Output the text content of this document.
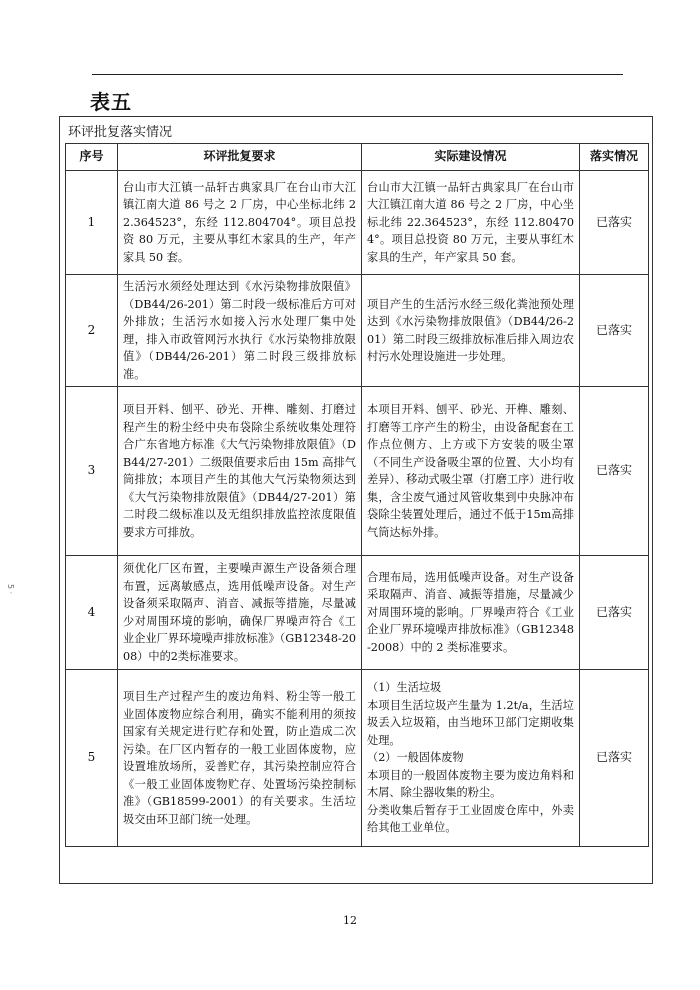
表五
环评批复落实情况
序号	环评批复要求	实际建设情况	落实情况
1	台山市大江镇一品轩古典家具厂在台山市大江镇江南大道 86 号之 2 厂房，中心坐标北纬 22.364523°，东经 112.804704°。项目总投资 80 万元，主要从事红木家具的生产，年产家具 50 套。	台山市大江镇一品轩古典家具厂在台山市大江镇江南大道 86 号之 2 厂房，中心坐标北纬 22.364523°，东经 112.804704°。项目总投资 80 万元，主要从事红木家具的生产，年产家具 50 套。	已落实
2	生活污水须经处理达到《水污染物排放限值》（DB44/26-201）第二时段一级标准后方可对外排放；生活污水如接入污水处理厂集中处理，排入市政管网污水执行《水污染物排放限值》（DB44/26-201）第二时段三级排放标准。	项目产生的生活污水经三级化粪池预处理达到《水污染物排放限值》（DB44/26-201）第二时段三级排放标准后排入周边农村污水处理设施进一步处理。	已落实
3	项目开料、刨平、砂光、开榫、雕刻、打磨过程产生的粉尘经中央布袋除尘系统收集处理符合广东省地方标准《大气污染物排放限值》（DB44/27-201）二级限值要求后由 15m 高排气筒排放；本项目产生的其他大气污染物须达到《大气污染物排放限值》（DB44/27-201）第二时段二级标准以及无组织排放监控浓度限值要求方可排放。	本项目开料、刨平、砂光、开榫、雕刻、打磨等工序产生的粉尘，由设备配套在工作点位侧方、上方或下方安装的吸尘罩（不同生产设备吸尘罩的位置、大小均有差异）、移动式吸尘罩（打磨工序）进行收集，含尘废气通过风管收集到中央脉冲布袋除尘装置处理后，通过不低于15m高排气筒达标外排。	已落实
4	须优化厂区布置，主要噪声源生产设备须合理布置，远离敏感点，选用低噪声设备。对生产设备须采取隔声、消音、减振等措施，尽量减少对周围环境的影响，确保厂界噪声符合《工业企业厂界环境噪声排放标准》（GB12348-2008）中的2类标准要求。	合理布局，选用低噪声设备。对生产设备采取隔声、消音、减振等措施，尽量减少对周围环境的影响。厂界噪声符合《工业企业厂界环境噪声排放标准》（GB12348-2008）中的 2 类标准要求。	已落实
5	项目生产过程产生的废边角料、粉尘等一般工业固体废物应综合利用，确实不能利用的须按国家有关规定进行贮存和处置，防止造成二次污染。在厂区内暂存的一般工业固体废物，应设置堆放场所，妥善贮存，其污染控制应符合《一般工业固体废物贮存、处置场污染控制标准》（GB18599-2001）的有关要求。生活垃圾交由环卫部门统一处理。	（1）生活垃圾
本项目生活垃圾产生量为 1.2t/a，生活垃圾丢入垃圾箱，由当地环卫部门定期收集处理。
（2）一般固体废物
本项目的一般固体废物主要为废边角料和木屑、除尘器收集的粉尘。
分类收集后暂存于工业固废仓库中，外卖给其他工业单位。	已落实
5 ·
12
